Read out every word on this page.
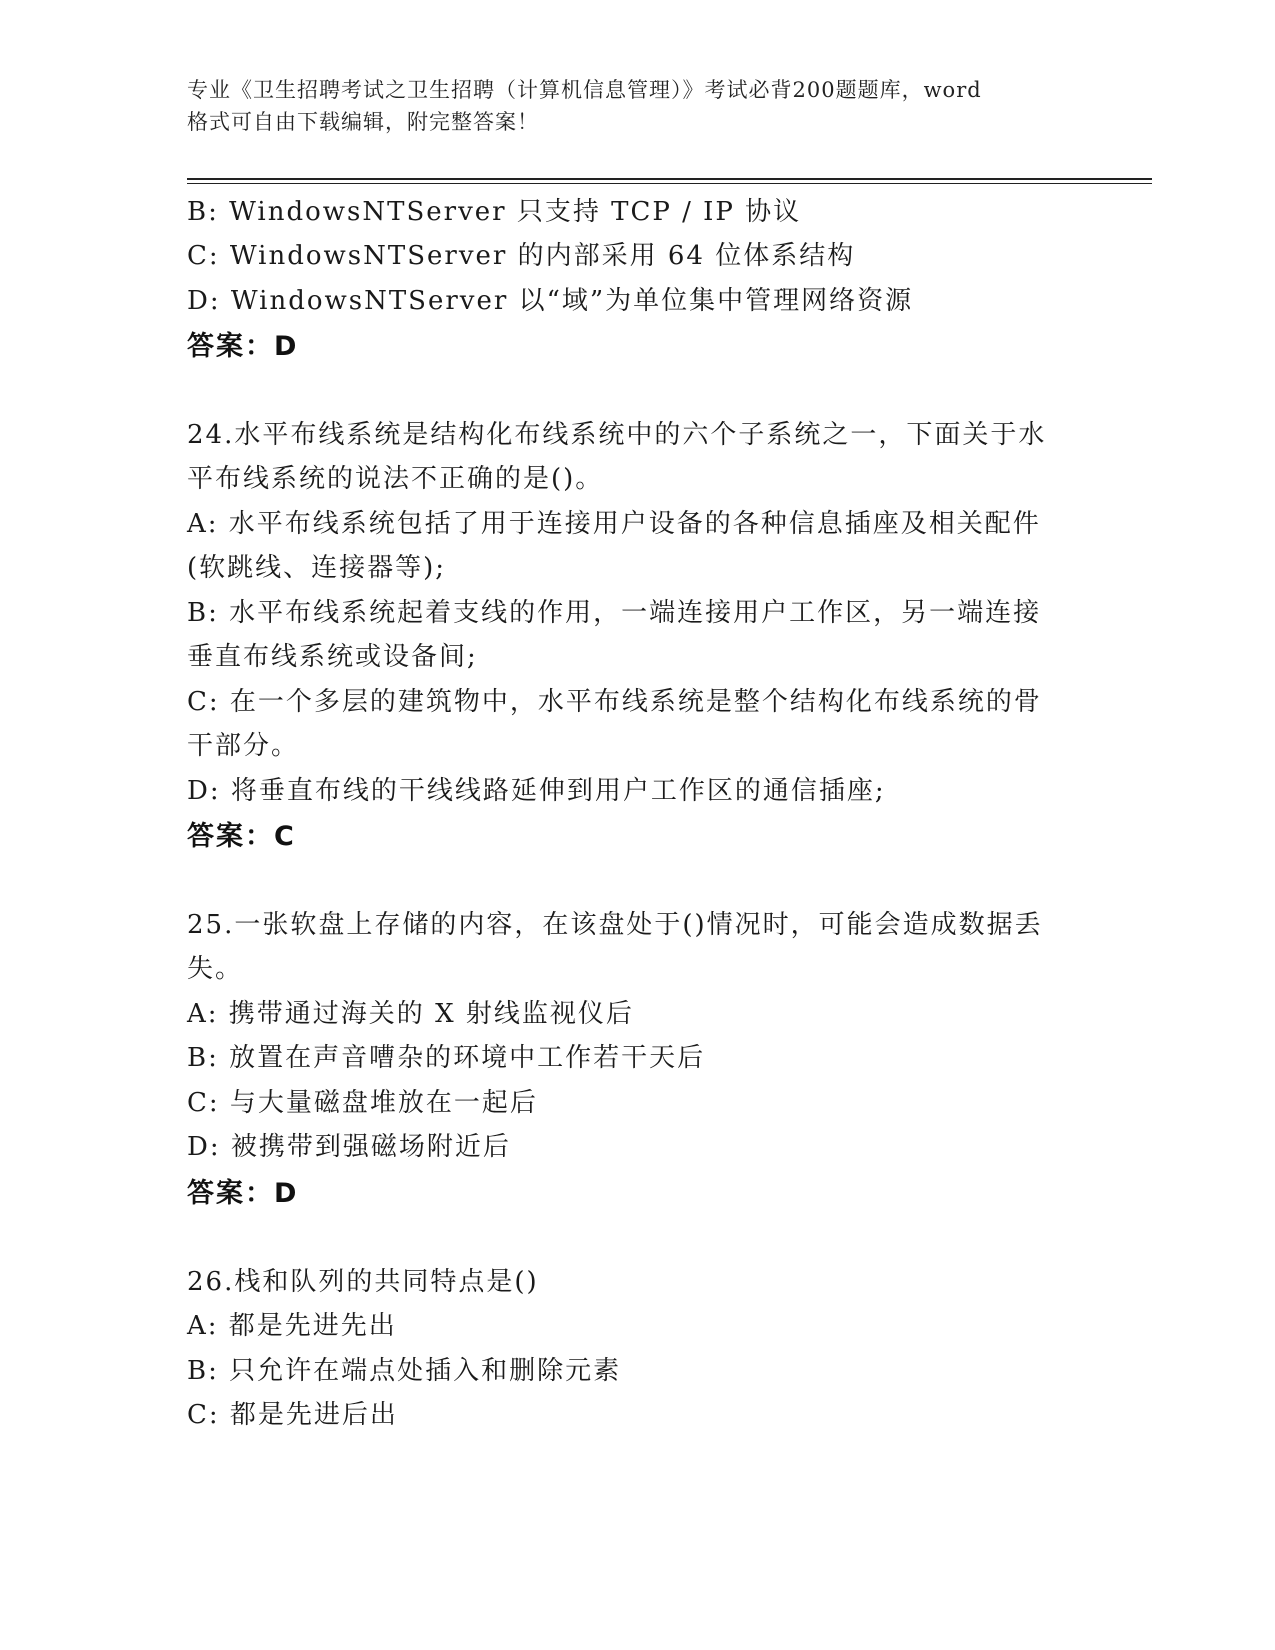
专业《卫生招聘考试之卫生招聘（计算机信息管理）》考试必背200题题库，word
格式可自由下载编辑，附完整答案！
B: WindowsNTServer 只支持 TCP / IP 协议
C: WindowsNTServer 的内部采用 64 位体系结构
D: WindowsNTServer 以“域”为单位集中管理网络资源
答案：D
24.水平布线系统是结构化布线系统中的六个子系统之一，下面关于水
平布线系统的说法不正确的是()。
A: 水平布线系统包括了用于连接用户设备的各种信息插座及相关配件
(软跳线、连接器等);
B: 水平布线系统起着支线的作用，一端连接用户工作区，另一端连接
垂直布线系统或设备间;
C: 在一个多层的建筑物中，水平布线系统是整个结构化布线系统的骨
干部分。
D: 将垂直布线的干线线路延伸到用户工作区的通信插座;
答案：C
25.一张软盘上存储的内容，在该盘处于()情况时，可能会造成数据丢
失。
A: 携带通过海关的 X 射线监视仪后
B: 放置在声音嘈杂的环境中工作若干天后
C: 与大量磁盘堆放在一起后
D: 被携带到强磁场附近后
答案：D
26.栈和队列的共同特点是()
A: 都是先进先出
B: 只允许在端点处插入和删除元素
C: 都是先进后出
